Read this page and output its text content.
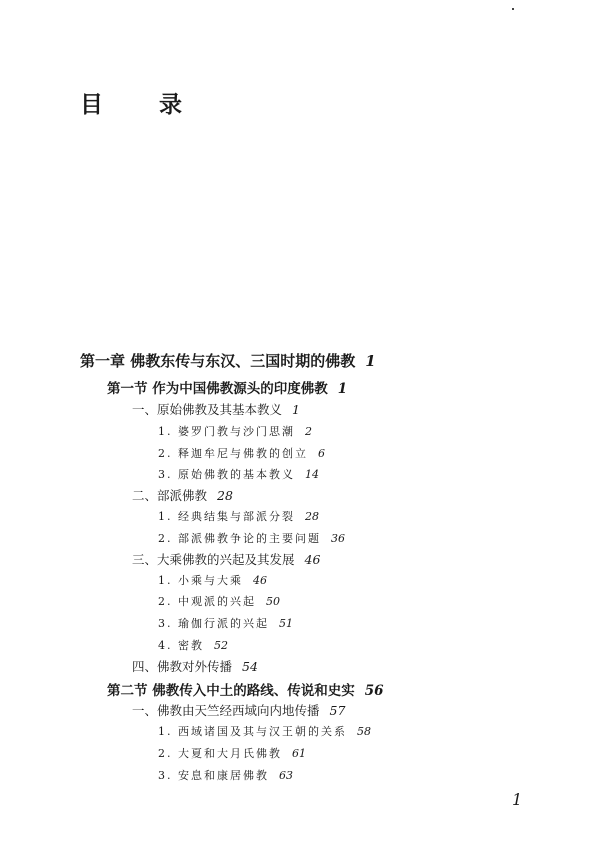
目 录
第一章 佛教东传与东汉、三国时期的佛教 1
第一节 作为中国佛教源头的印度佛教 1
一、原始佛教及其基本教义 1
1. 婆罗门教与沙门思潮 2
2. 释迦牟尼与佛教的创立 6
3. 原始佛教的基本教义 14
二、部派佛教 28
1. 经典结集与部派分裂 28
2. 部派佛教争论的主要问题 36
三、大乘佛教的兴起及其发展 46
1. 小乘与大乘 46
2. 中观派的兴起 50
3. 瑜伽行派的兴起 51
4. 密教 52
四、佛教对外传播 54
第二节 佛教传入中土的路线、传说和史实 56
一、佛教由天竺经西域向内地传播 57
1. 西域诸国及其与汉王朝的关系 58
2. 大夏和大月氏佛教 61
3. 安息和康居佛教 63
1
